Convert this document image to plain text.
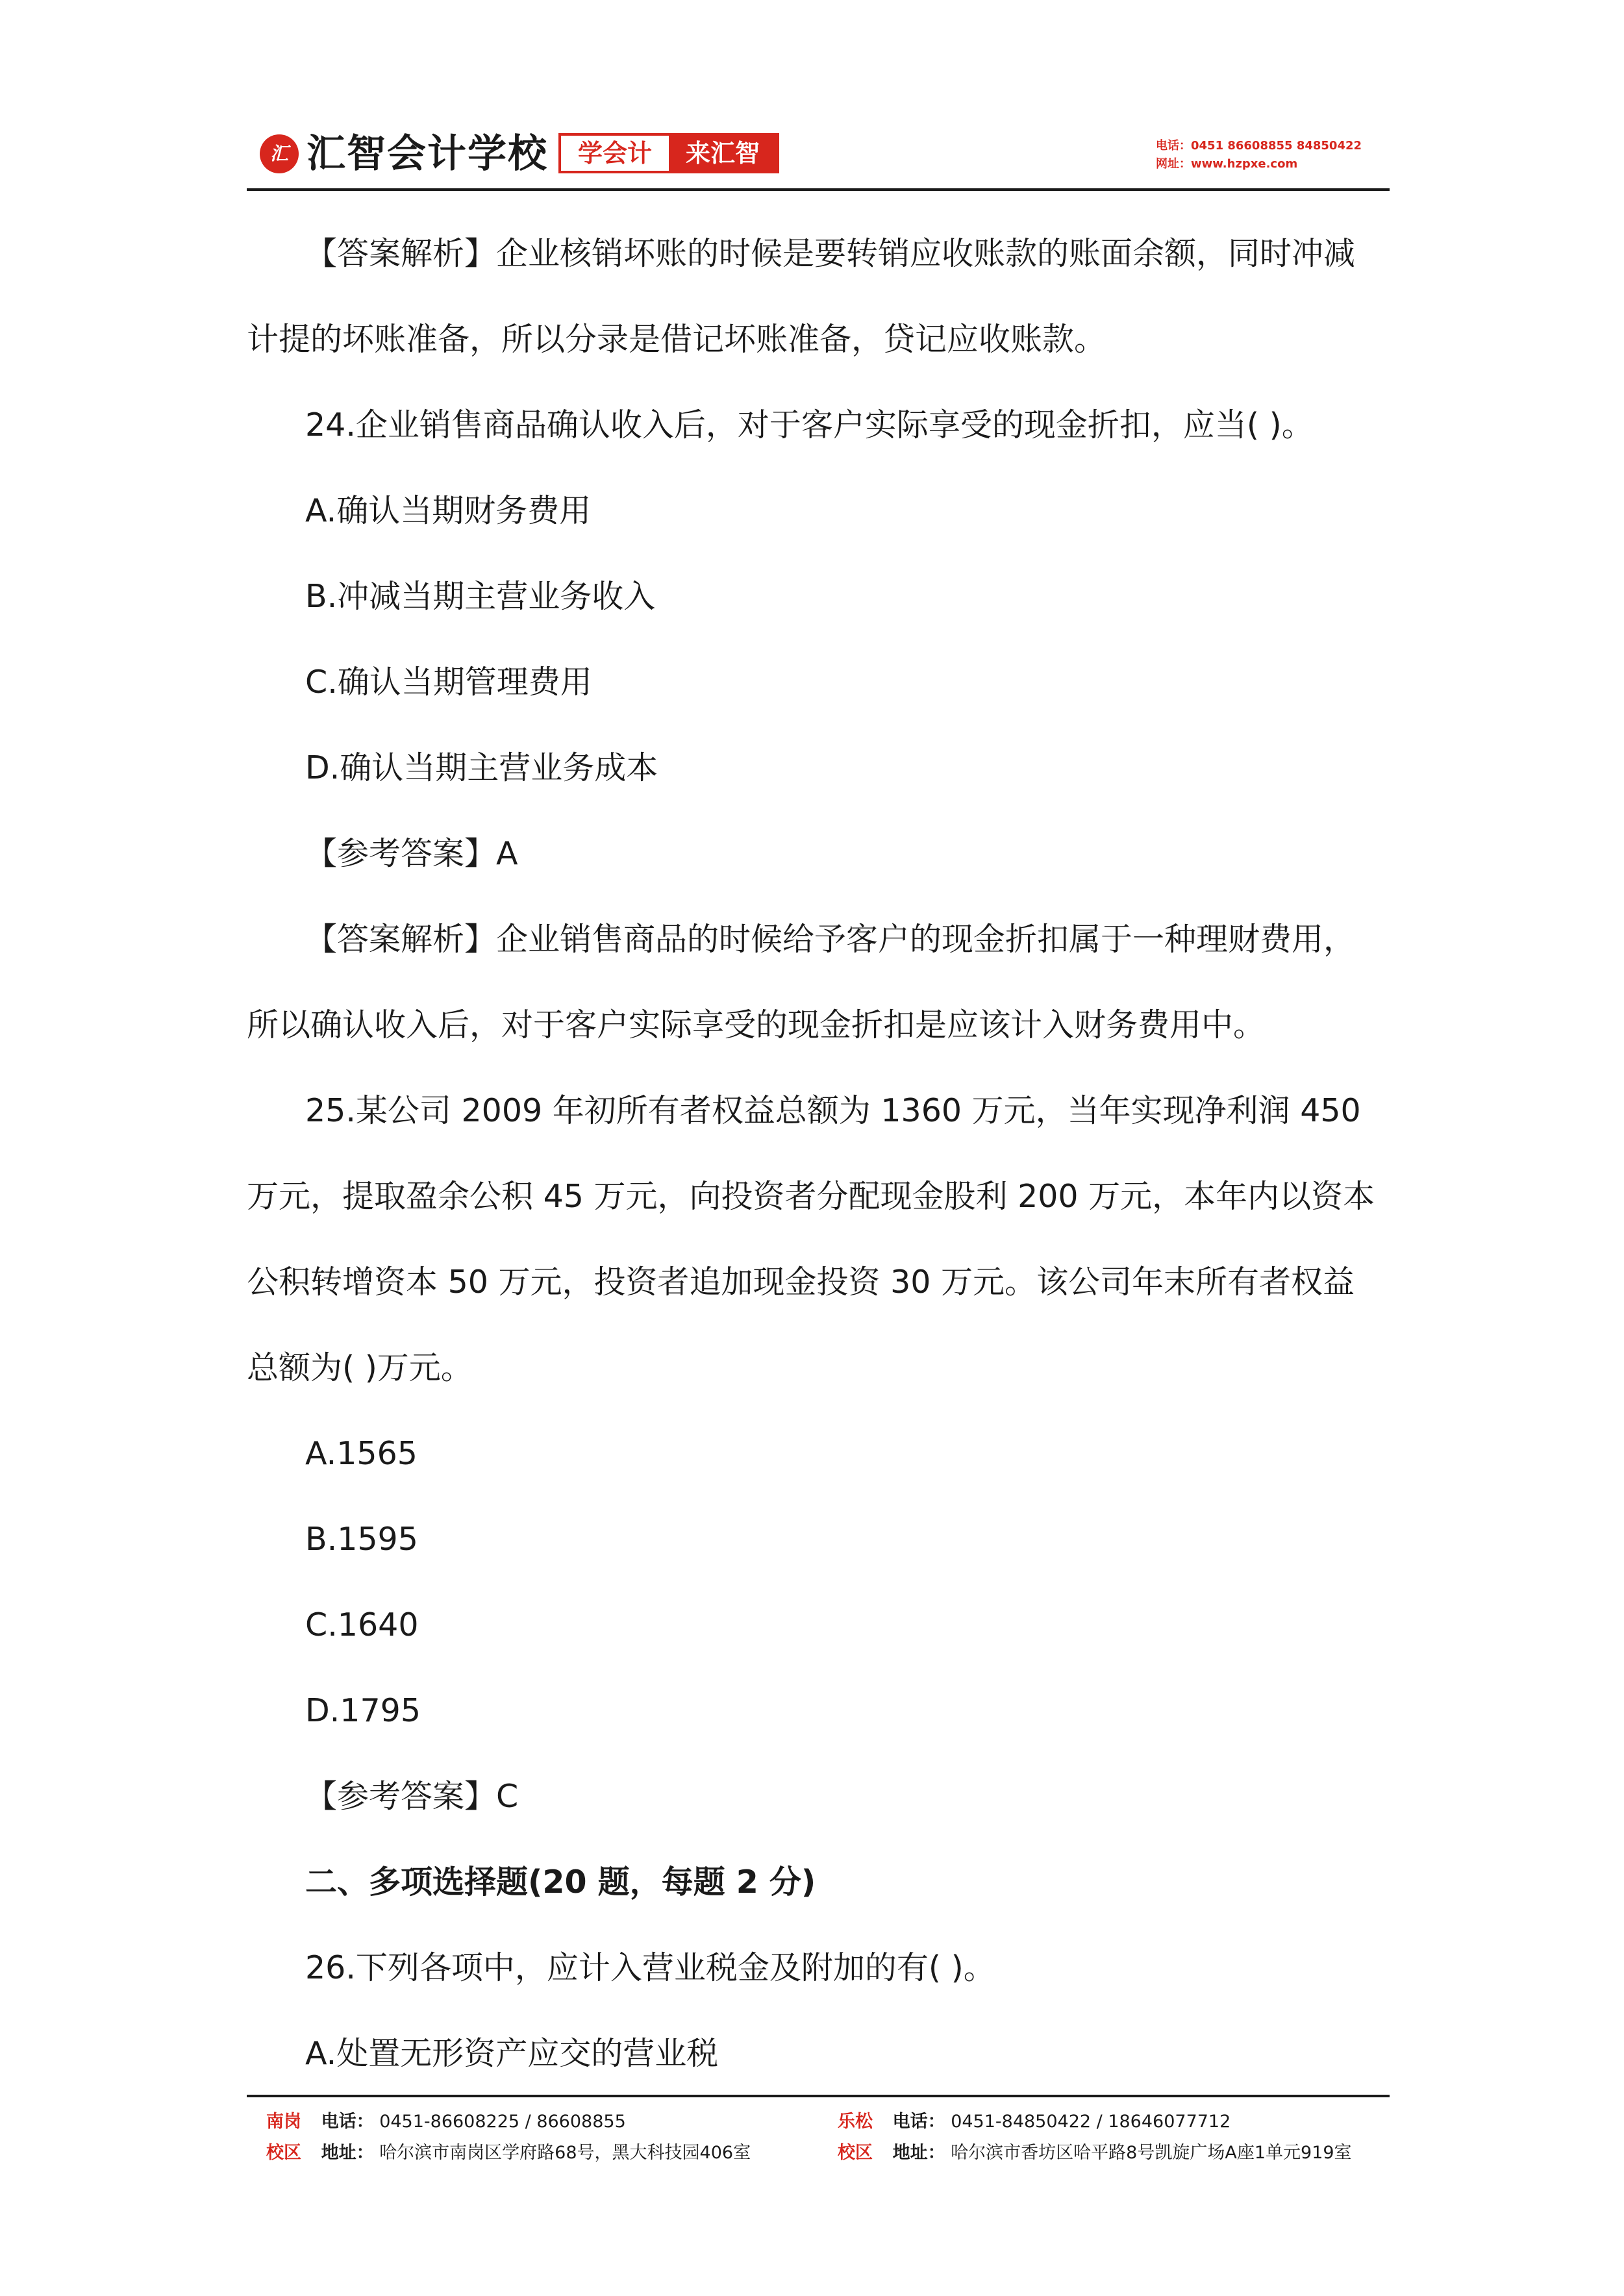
汇 汇智会计学校	学会计	来汇智	电话：0451 86608855 84850422
网址：www.hzpxe.com

【答案解析】企业核销坏账的时候是要转销应收账款的账面余额，同时冲减

计提的坏账准备，所以分录是借记坏账准备，贷记应收账款。

24.企业销售商品确认收入后，对于客户实际享受的现金折扣，应当( )。

A.确认当期财务费用

B.冲减当期主营业务收入

C.确认当期管理费用

D.确认当期主营业务成本

【参考答案】A

【答案解析】企业销售商品的时候给予客户的现金折扣属于一种理财费用，

所以确认收入后，对于客户实际享受的现金折扣是应该计入财务费用中。

25.某公司 2009 年初所有者权益总额为 1360 万元，当年实现净利润 450

万元，提取盈余公积 45 万元，向投资者分配现金股利 200 万元，本年内以资本

公积转增资本 50 万元，投资者追加现金投资 30 万元。该公司年末所有者权益

总额为( )万元。

A.1565

B.1595

C.1640

D.1795

【参考答案】C

二、多项选择题(20 题，每题 2 分)

26.下列各项中，应计入营业税金及附加的有( )。

A.处置无形资产应交的营业税

南岗 电话： 0451-86608225 / 86608855
校区 地址： 哈尔滨市南岗区学府路68号，黑大科技园406室
乐松 电话： 0451-84850422 / 18646077712
校区 地址： 哈尔滨市香坊区哈平路8号凯旋广场A座1单元919室
